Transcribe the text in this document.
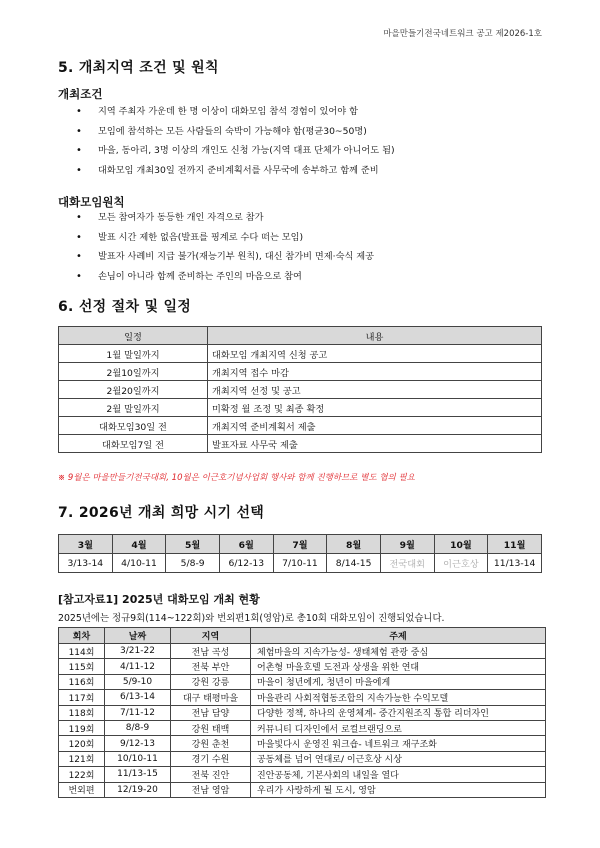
마을만들기전국네트워크 공고 제2026-1호
5. 개최지역 조건 및 원칙
개최조건
• 지역 주최자 가운데 한 명 이상이 대화모임 참석 경험이 있어야 함
• 모임에 참석하는 모든 사람들의 숙박이 가능해야 함(평균30~50명)
• 마을, 동아리, 3명 이상의 개인도 신청 가능(지역 대표 단체가 아니어도 됨)
• 대화모임 개최30일 전까지 준비계획서를 사무국에 송부하고 함께 준비
대화모임원칙
• 모든 참여자가 동등한 개인 자격으로 참가
• 발표 시간 제한 없음(발표를 핑계로 수다 떠는 모임)
• 발표자 사례비 지급 불가(재능기부 원칙), 대신 참가비 면제·숙식 제공
• 손님이 아니라 함께 준비하는 주인의 마음으로 참여
6. 선정 절차 및 일정
일정	내용
1월 말일까지	대화모임 개최지역 신청 공고
2월10일까지	개최지역 접수 마감
2월20일까지	개최지역 선정 및 공고
2월 말일까지	미확정 월 조정 및 최종 확정
대화모임30일 전	개최지역 준비계획서 제출
대화모임7일 전	발표자료 사무국 제출
※ 9월은 마을만들기전국대회, 10월은 이근호기념사업회 행사와 함께 진행하므로 별도 협의 필요
7. 2026년 개최 희망 시기 선택
3월	4월	5월	6월	7월	8월	9월	10월	11월
3/13-14	4/10-11	5/8-9	6/12-13	7/10-11	8/14-15	전국대회	이근호상	11/13-14
[참고자료1] 2025년 대화모임 개최 현황
2025년에는 정규9회(114~122회)와 번외편1회(영암)로 총10회 대화모임이 진행되었습니다.
회차	날짜	지역	주제
114회	3/21-22	전남 곡성	체험마을의 지속가능성- 생태체험 관광 중심
115회	4/11-12	전북 부안	어촌형 마을호텔 도전과 상생을 위한 연대
116회	5/9-10	강원 강릉	마을이 청년에게, 청년이 마을에게
117회	6/13-14	대구 태평마을	마을관리 사회적협동조합의 지속가능한 수익모델
118회	7/11-12	전남 담양	다양한 정책, 하나의 운영체계- 중간지원조직 통합 리더자인
119회	8/8-9	강원 태백	커뮤니티 디자인에서 로컬브랜딩으로
120회	9/12-13	강원 춘천	마을빛다시 운영진 워크숍- 네트워크 재구조화
121회	10/10-11	경기 수원	공동체를 넘어 연대로/ 이근호상 시상
122회	11/13-15	전북 진안	진안공동체, 기본사회의 내일을 열다
번외편	12/19-20	전남 영암	우리가 사랑하게 될 도시, 영암
